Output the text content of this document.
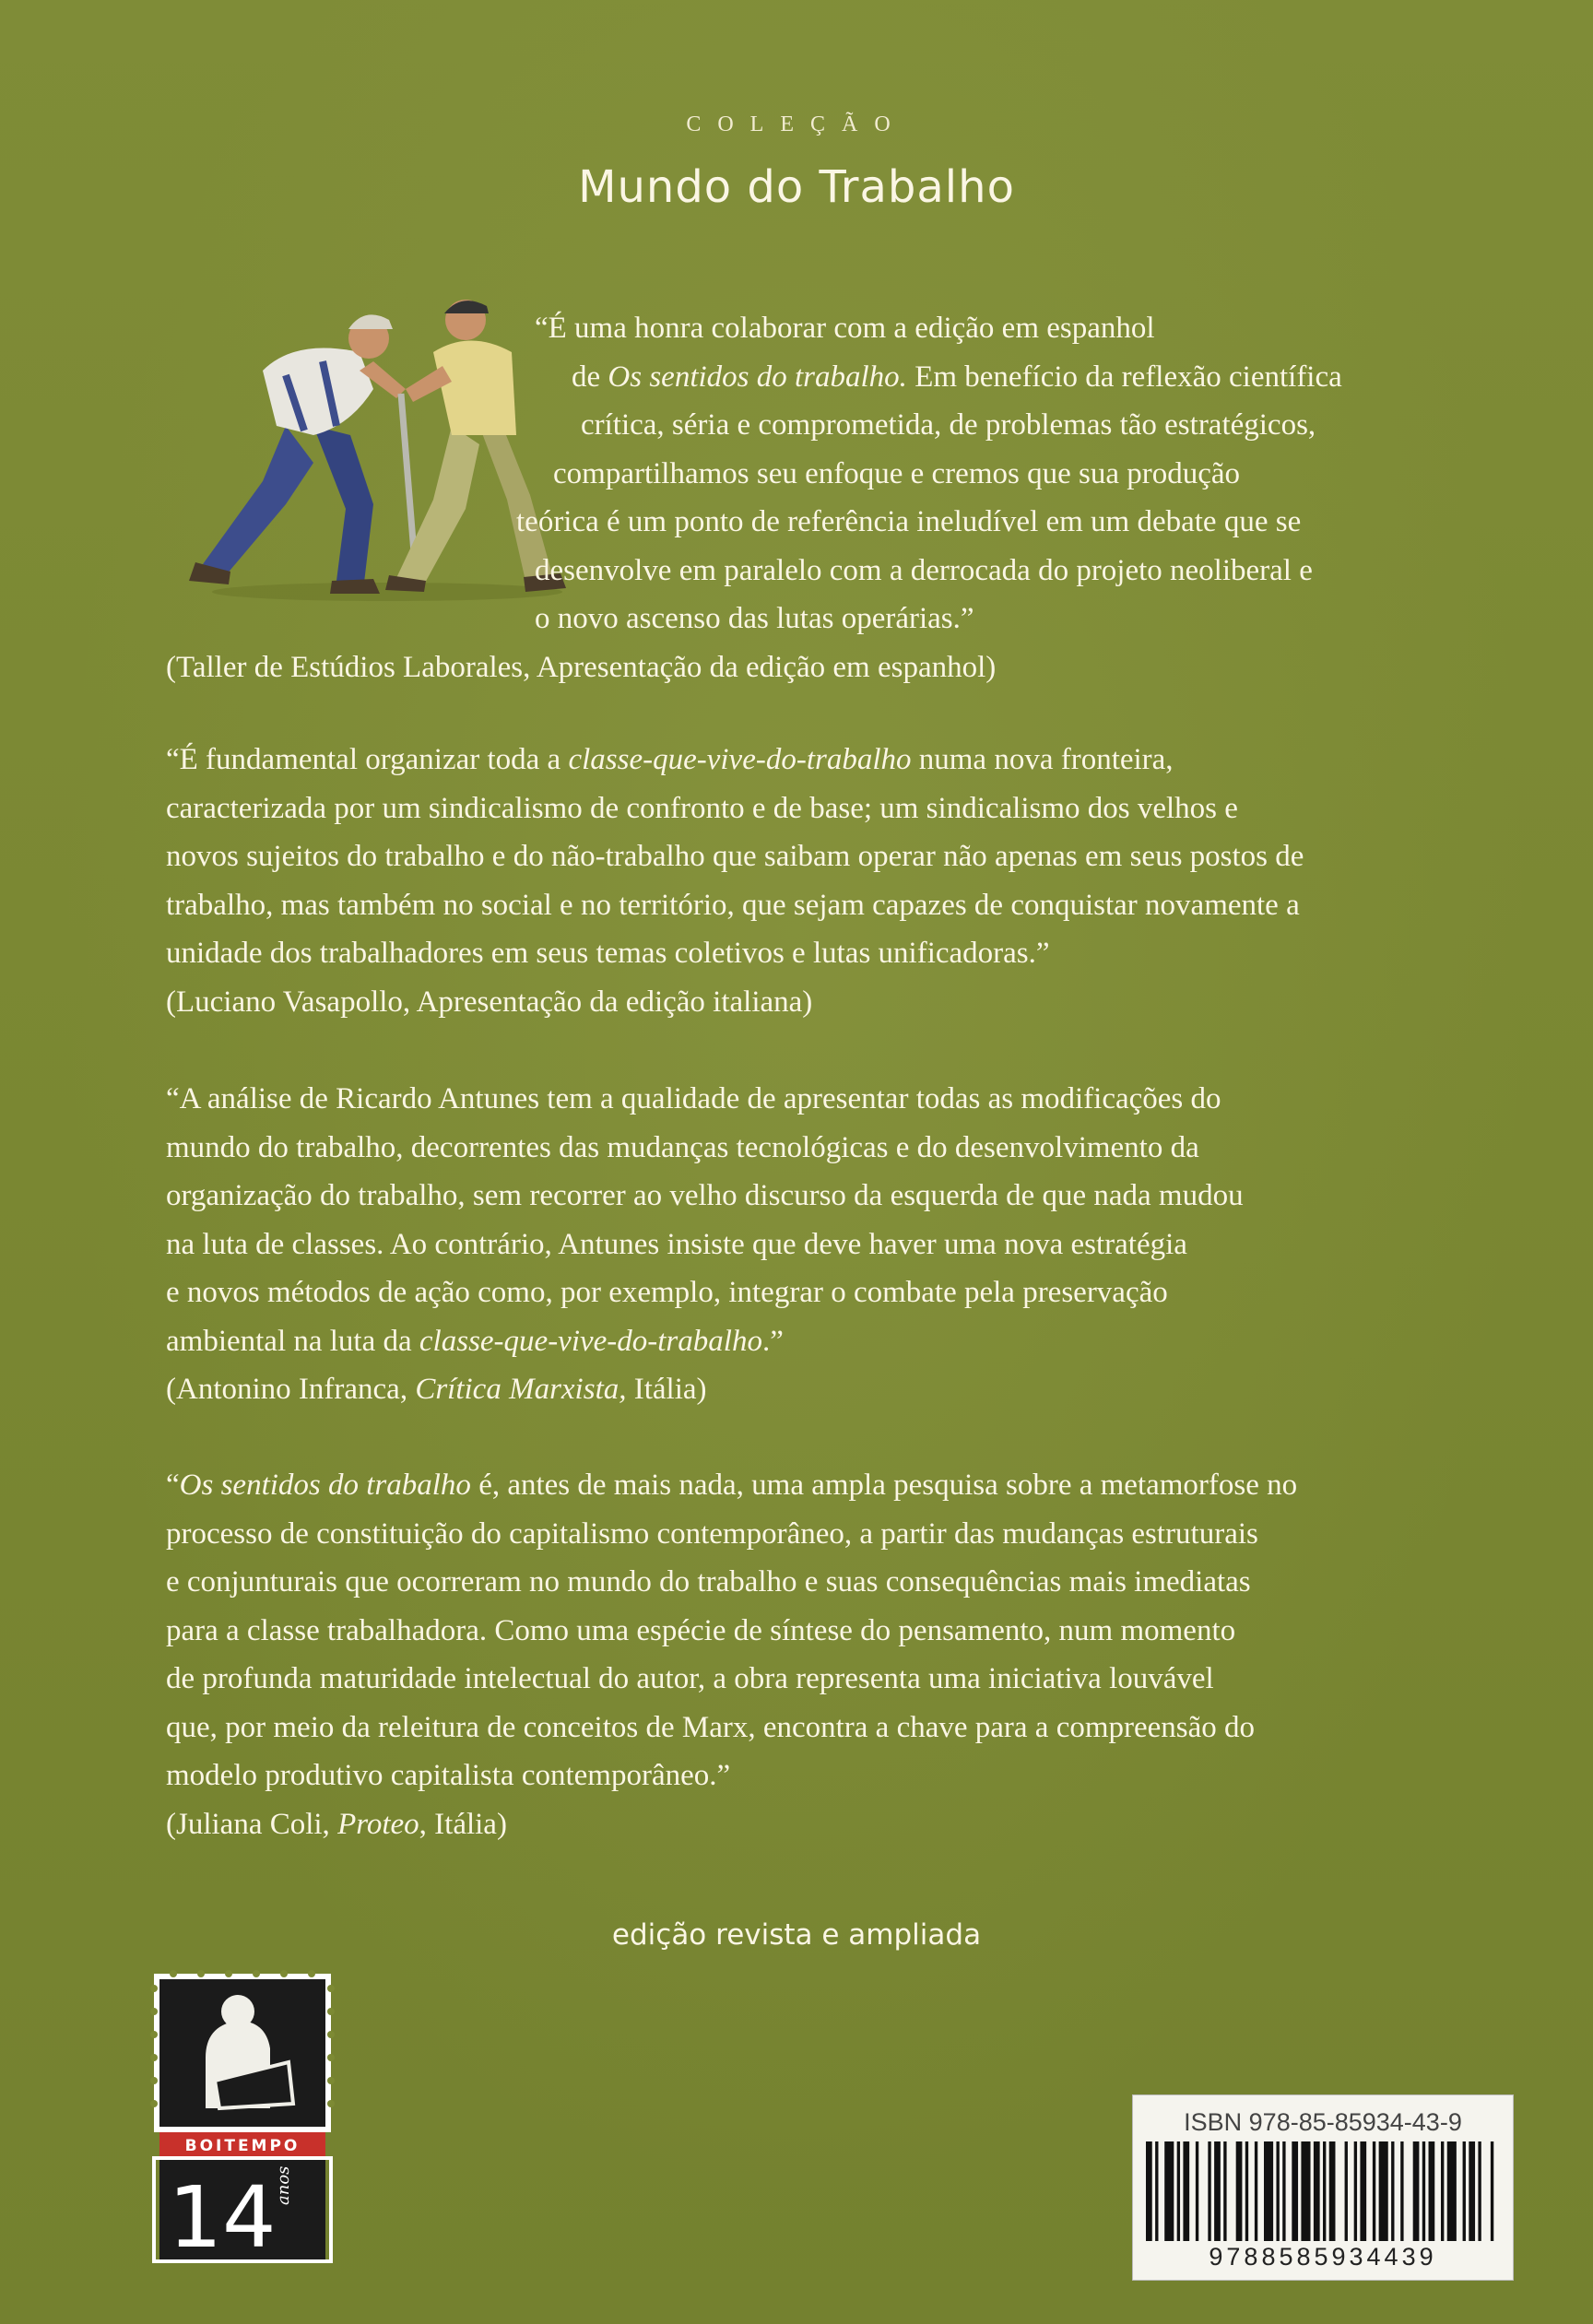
COLEÇÃO
Mundo do Trabalho
“É uma honra colaborar com a edição em espanhol
de Os sentidos do trabalho. Em benefício da reflexão científica
crítica, séria e comprometida, de problemas tão estratégicos,
compartilhamos seu enfoque e cremos que sua produção
teórica é um ponto de referência ineludível em um debate que se
desenvolve em paralelo com a derrocada do projeto neoliberal e
o novo ascenso das lutas operárias.”
(Taller de Estúdios Laborales, Apresentação da edição em espanhol)
“É fundamental organizar toda a classe-que-vive-do-trabalho numa nova fronteira,
caracterizada por um sindicalismo de confronto e de base; um sindicalismo dos velhos e
novos sujeitos do trabalho e do não-trabalho que saibam operar não apenas em seus postos de
trabalho, mas também no social e no território, que sejam capazes de conquistar novamente a
unidade dos trabalhadores em seus temas coletivos e lutas unificadoras.”
(Luciano Vasapollo, Apresentação da edição italiana)
“A análise de Ricardo Antunes tem a qualidade de apresentar todas as modificações do
mundo do trabalho, decorrentes das mudanças tecnológicas e do desenvolvimento da
organização do trabalho, sem recorrer ao velho discurso da esquerda de que nada mudou
na luta de classes. Ao contrário, Antunes insiste que deve haver uma nova estratégia
e novos métodos de ação como, por exemplo, integrar o combate pela preservação
ambiental na luta da classe-que-vive-do-trabalho.”
(Antonino Infranca, Crítica Marxista, Itália)
“Os sentidos do trabalho é, antes de mais nada, uma ampla pesquisa sobre a metamorfose no
processo de constituição do capitalismo contemporâneo, a partir das mudanças estruturais
e conjunturais que ocorreram no mundo do trabalho e suas consequências mais imediatas
para a classe trabalhadora. Como uma espécie de síntese do pensamento, num momento
de profunda maturidade intelectual do autor, a obra representa uma iniciativa louvável
que, por meio da releitura de conceitos de Marx, encontra a chave para a compreensão do
modelo produtivo capitalista contemporâneo.”
(Juliana Coli, Proteo, Itália)
edição revista e ampliada
BOITEMPO
14
anos
ISBN 978-85-85934-43-9
9788585934439
